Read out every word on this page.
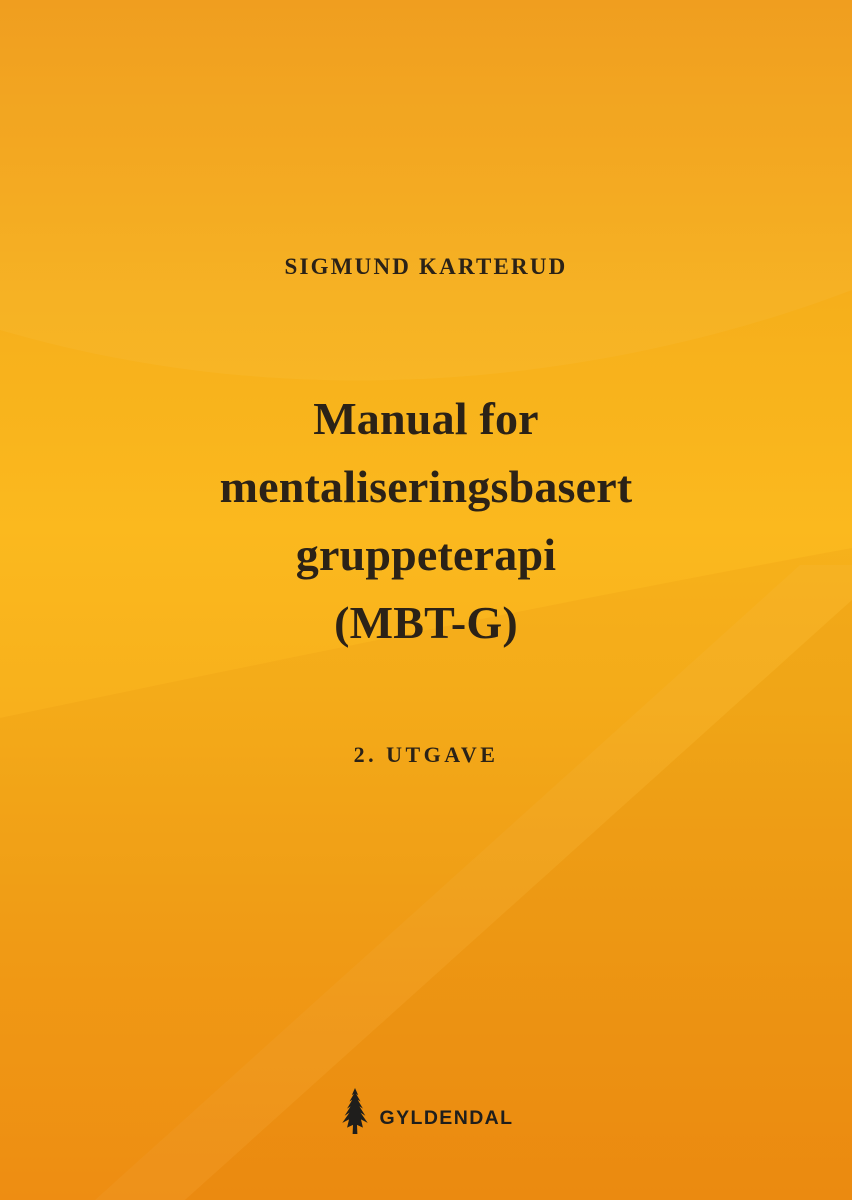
SIGMUND KARTERUD
Manual for
mentaliseringsbasert
gruppeterapi
(MBT-G)
2. UTGAVE
GYLDENDAL
